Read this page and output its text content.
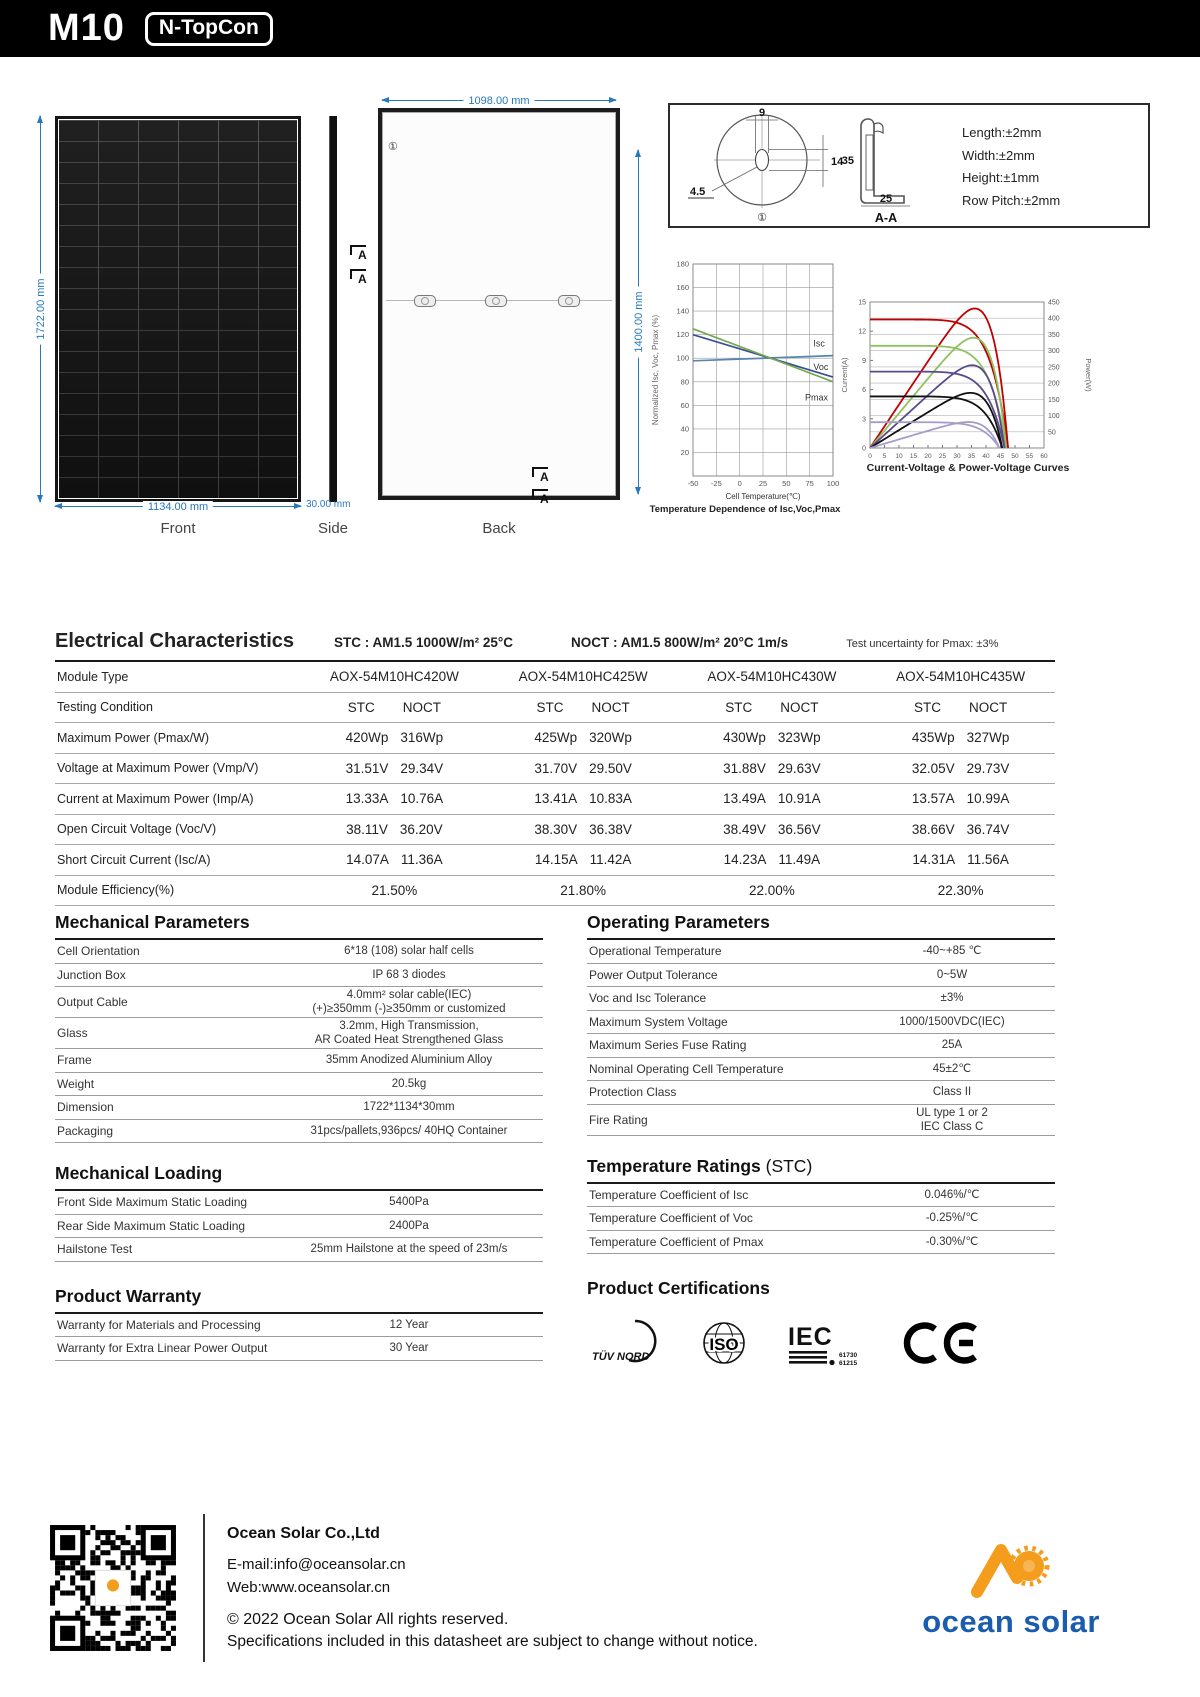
M10	N-TopCon
1722.00 mm
1134.00 mm
Front
30.00 mm
Side
①
1098.00 mm
1400.00 mm
A
A
A
A
Back
9
14
4.5
①
35
25
A-A
Length:±2mm
Width:±2mm
Height:±1mm
Row Pitch:±2mm
-50 -25 0 25 50 75 100
20
40
60
80
100
120
140
160
180
Isc
Voc
Pmax
Normalized Isc, Voc, Pmax (%)
Cell Temperature(℃)
Temperature Dependence of Isc,Voc,Pmax
50
100
150
200
250
300
350
400
450
0
3
6
9
12
15
0 5 10 15 20 25 30 35 40 45 50 55 60
Current(A)	Power(W)
Current-Voltage & Power-Voltage Curves
Electrical Characteristics	STC : AM1.5 1000W/m² 25°C	NOCT : AM1.5 800W/m² 20°C 1m/s	Test uncertainty for Pmax: ±3%
Module Type	AOX-54M10HC420W	AOX-54M10HC425W	AOX-54M10HC430W	AOX-54M10HC435W
Testing Condition	STC NOCT	STC NOCT	STC NOCT	STC NOCT
Maximum Power (Pmax/W)	420Wp 316Wp	425Wp 320Wp	430Wp 323Wp	435Wp 327Wp
Voltage at Maximum Power (Vmp/V)	31.51V 29.34V	31.70V 29.50V	31.88V 29.63V	32.05V 29.73V
Current at Maximum Power (Imp/A)	13.33A 10.76A	13.41A 10.83A	13.49A 10.91A	13.57A 10.99A
Open Circuit Voltage (Voc/V)	38.11V 36.20V	38.30V 36.38V	38.49V 36.56V	38.66V 36.74V
Short Circuit Current (Isc/A)	14.07A 11.36A	14.15A 11.42A	14.23A 11.49A	14.31A 11.56A
Module Efficiency(%)	21.50%	21.80%	22.00%	22.30%
Mechanical Parameters
Cell Orientation	6*18 (108) solar half cells
Junction Box	IP 68 3 diodes
Output Cable
4.0mm² solar cable(IEC)
(+)≥350mm (-)≥350mm or customized
Glass
3.2mm, High Transmission,
AR Coated Heat Strengthened Glass
Frame	35mm Anodized Aluminium Alloy
Weight	20.5kg
Dimension	1722*1134*30mm
Packaging	31pcs/pallets,936pcs/ 40HQ Container
Mechanical Loading
Front Side Maximum Static Loading	5400Pa
Rear Side Maximum Static Loading	2400Pa
Hailstone Test	25mm Hailstone at the speed of 23m/s
Product Warranty
Warranty for Materials and Processing	12 Year
Warranty for Extra Linear Power Output	30 Year
Operating Parameters
Operational Temperature	-40~+85 ℃
Power Output Tolerance	0~5W
Voc and Isc Tolerance	±3%
Maximum System Voltage	1000/1500VDC(IEC)
Maximum Series Fuse Rating	25A
Nominal Operating Cell Temperature	45±2℃
Protection Class	Class II
Fire Rating
UL type 1 or 2
IEC Class C
Temperature Ratings (STC)
Temperature Coefficient of Isc	0.046%/℃
Temperature Coefficient of Voc	-0.25%/℃
Temperature Coefficient of Pmax	-0.30%/℃
Product Certifications
TÜV NORD
ISO IEC
61730
61215
Ocean Solar Co.,Ltd
E-mail:info@oceansolar.cn
Web:www.oceansolar.cn
© 2022 Ocean Solar All rights reserved.
Specifications included in this datasheet are subject to change without notice.
ocean solar
